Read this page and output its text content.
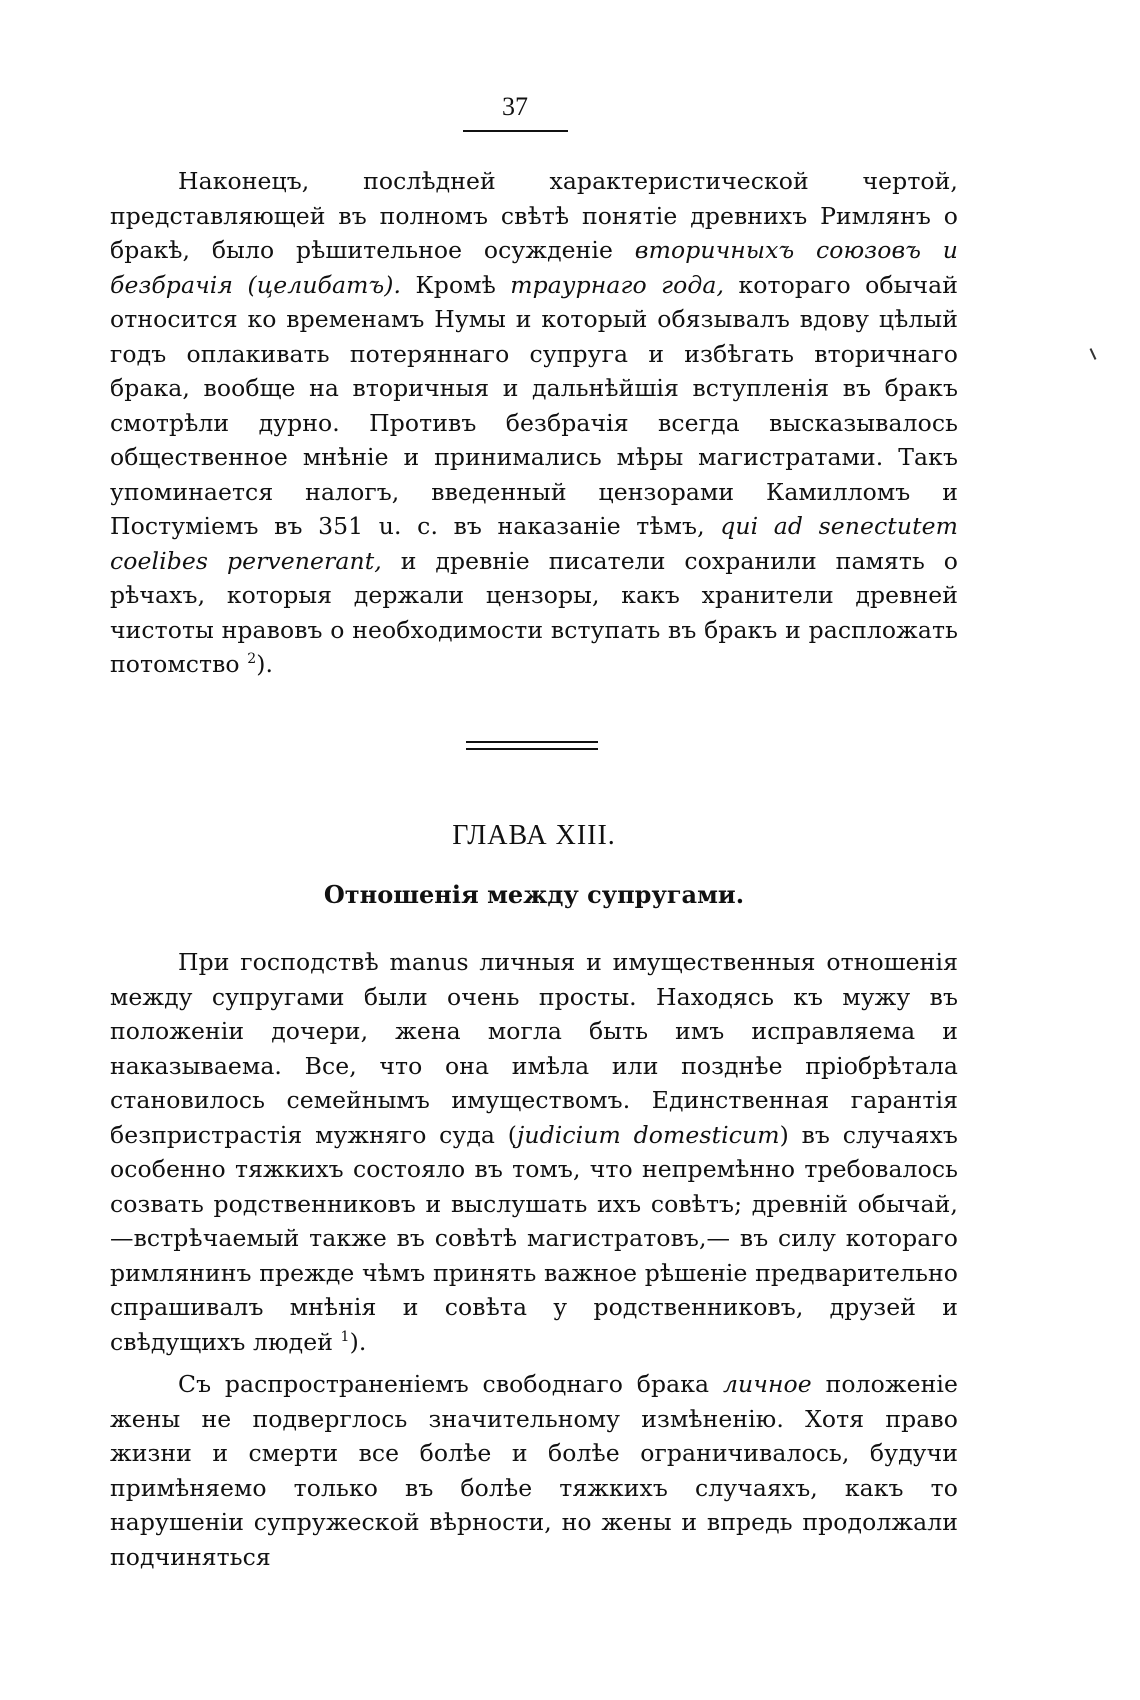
37

Наконецъ, послѣдней характеристической чертой, представляющей въ полномъ свѣтѣ понятіе древнихъ Римлянъ о бракѣ, было рѣшительное осужденіе вторичныхъ союзовъ и безбрачія (целибатъ). Кромѣ траурнаго года, котораго обычай относится ко временамъ Нумы и который обязывалъ вдову цѣлый годъ оплакивать потеряннаго супруга и избѣгать вторичнаго брака, вообще на вторичныя и дальнѣйшія вступленія въ бракъ смотрѣли дурно. Противъ безбрачія всегда высказывалось общественное мнѣніе и принимались мѣры магистратами. Такъ упоминается налогъ, введенный цензорами Камилломъ и Постуміемъ въ 351 u. c. въ наказаніе тѣмъ, qui ad senectutem coelibes pervenerant, и древніе писатели сохранили память о рѣчахъ, которыя держали цензоры, какъ хранители древней чистоты нравовъ о необходимости вступать въ бракъ и распложать потомство $^2$).

ГЛАВА XIII.
Отношенія между супругами.

При господствѣ manus личныя и имущественныя отношенія между супругами были очень просты. Находясь къ мужу въ положеніи дочери, жена могла быть имъ исправляема и наказываема. Все, что она имѣла или позднѣе пріобрѣтала становилось семейнымъ имуществомъ. Единственная гарантія безпристрастія мужняго суда (judicium domesticum) въ случаяхъ особенно тяжкихъ состояло въ томъ, что непремѣнно требовалось созвать родственниковъ и выслушать ихъ совѣтъ; древній обычай,—встрѣчаемый также въ совѣтѣ магистратовъ,— въ силу котораго римлянинъ прежде чѣмъ принять важное рѣшеніе предварительно спрашивалъ мнѣнія и совѣта у родственниковъ, друзей и свѣдущихъ людей $^1$).

Съ распространеніемъ свободнаго брака личное положеніе жены не подверглось значительному измѣненію. Хотя право жизни и смерти все болѣе и болѣе ограничивалось, будучи примѣняемо только въ болѣе тяжкихъ случаяхъ, какъ то нарушеніи супружеской вѣрности, но жены и впредь продолжали подчиняться
